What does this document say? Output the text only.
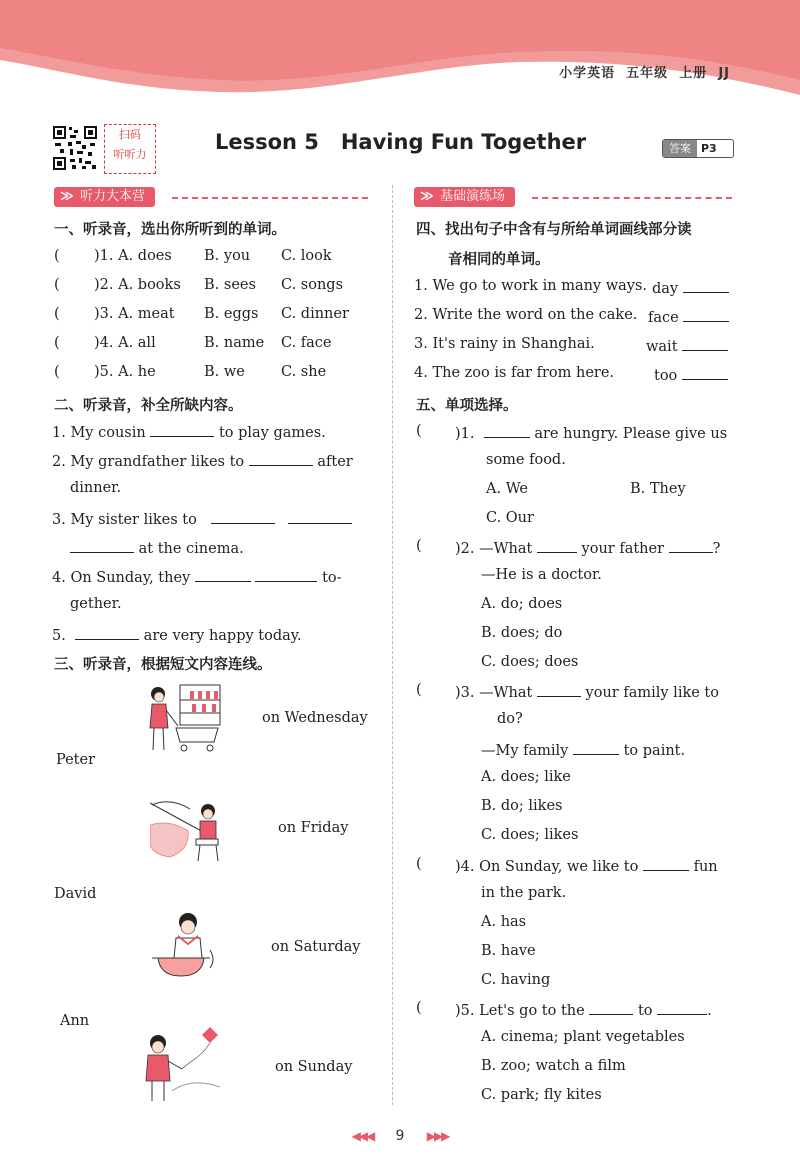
小学英语 五年级 上册 JJ
扫码
听听力
Lesson 5   Having Fun Together	答案 P3
≫ 听力大本营	≫ 基础演练场
一、听录音，选出你所听到的单词。
( )1. A. does B. you C. look
( )2. A. books B. sees C. songs
( )3. A. meat B. eggs C. dinner
( )4. A. all	B. name C. face
( )5. A. he	B. we C. she
二、听录音，补全所缺内容。
1. My cousin	to play games.
2. My grandfather likes to	after
dinner.
3. My sister likes to
at the cinema.
4. On Sunday, they	to-
gether.
5.	are very happy today.
三、听录音，根据短文内容连线。
Peter
David
Ann
on Wednesday
on Friday
on Saturday
on Sunday
四、找出句子中含有与所给单词画线部分读
音相同的单词。
1. We go to work in many ways. day
2. Write the word on the cake. face
3. It's rainy in Shanghai.	wait
4. The zoo is far from here.	too
五、单项选择。
( )1.	are hungry. Please give us
some food.
A. We	B. They
C. Our
( )2. —What	your father	?
—He is a doctor.
A. do; does
B. does; do
C. does; does
( )3. —What	your family like to
do?
—My family	to paint.
A. does; like
B. do; likes
C. does; likes
( )4. On Sunday, we like to	fun
in the park.
A. has
B. have
C. having
( )5. Let's go to the	to	.
A. cinema; plant vegetables
B. zoo; watch a film
C. park; fly kites
◀◀◀ 9 ▶▶▶
